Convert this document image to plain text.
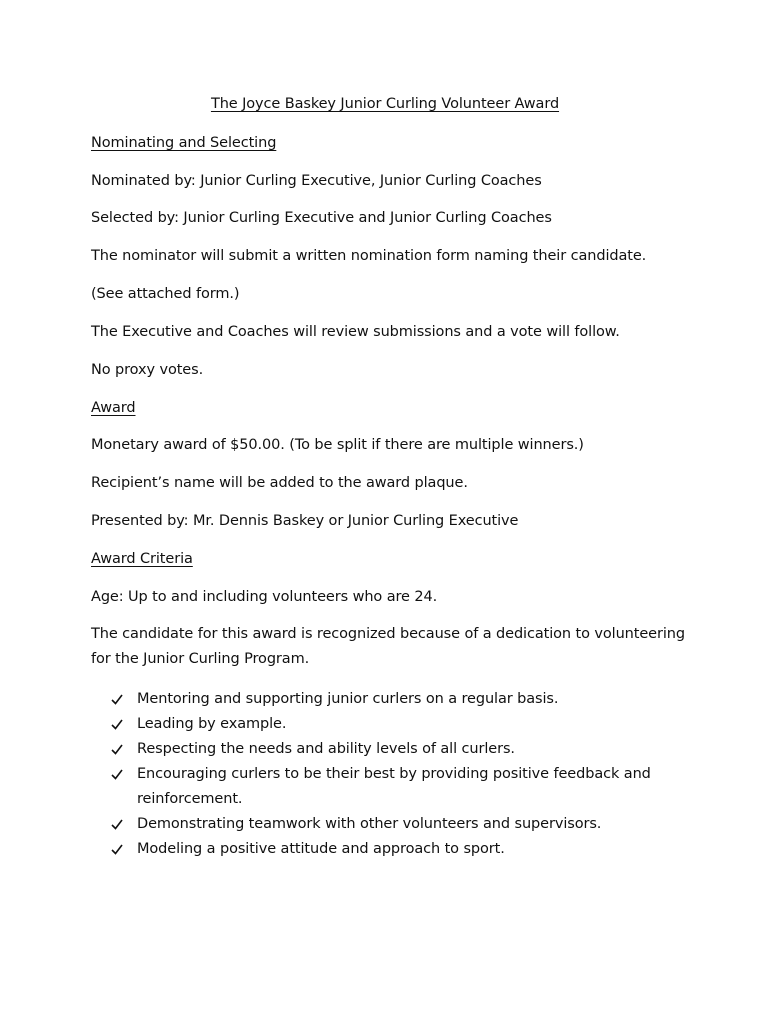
The Joyce Baskey Junior Curling Volunteer Award
Nominating and Selecting
Nominated by: Junior Curling Executive, Junior Curling Coaches
Selected by: Junior Curling Executive and Junior Curling Coaches
The nominator will submit a written nomination form naming their candidate.
(See attached form.)
The Executive and Coaches will review submissions and a vote will follow.
No proxy votes.
Award
Monetary award of $50.00. (To be split if there are multiple winners.)
Recipient’s name will be added to the award plaque.
Presented by: Mr. Dennis Baskey or Junior Curling Executive
Award Criteria
Age: Up to and including volunteers who are 24.
The candidate for this award is recognized because of a dedication to volunteering for the Junior Curling Program.
Mentoring and supporting junior curlers on a regular basis.
Leading by example.
Respecting the needs and ability levels of all curlers.
Encouraging curlers to be their best by providing positive feedback and reinforcement.
Demonstrating teamwork with other volunteers and supervisors.
Modeling a positive attitude and approach to sport.
